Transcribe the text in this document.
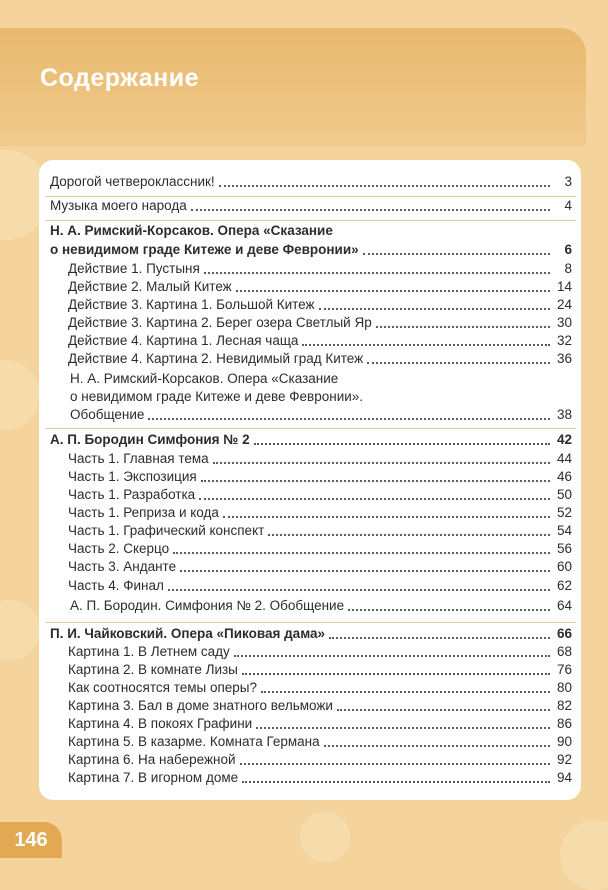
Содержание
Дорогой четвероклассник!	3
Музыка моего народа	4
Н. А. Римский-Корсаков. Опера «Сказание
о невидимом граде Китеже и деве Февронии»	6
Действие 1. Пустыня	8
Действие 2. Малый Китеж	14
Действие 3. Картина 1. Большой Китеж	24
Действие 3. Картина 2. Берег озера Светлый Яр	30
Действие 4. Картина 1. Лесная чаща	32
Действие 4. Картина 2. Невидимый град Китеж	36
Н. А. Римский-Корсаков. Опера «Сказание
о невидимом граде Китеже и деве Февронии».
Обобщение	38
А. П. Бородин Симфония № 2	42
Часть 1. Главная тема	44
Часть 1. Экспозиция	46
Часть 1. Разработка	50
Часть 1. Реприза и кода	52
Часть 1. Графический конспект	54
Часть 2. Скерцо	56
Часть 3. Анданте	60
Часть 4. Финал	62
А. П. Бородин. Симфония № 2. Обобщение	64
П. И. Чайковский. Опера «Пиковая дама»	66
Картина 1. В Летнем саду	68
Картина 2. В комнате Лизы	76
Как соотносятся темы оперы?	80
Картина 3. Бал в доме знатного вельможи	82
Картина 4. В покоях Графини	86
Картина 5. В казарме. Комната Германа	90
Картина 6. На набережной	92
Картина 7. В игорном доме	94
146
